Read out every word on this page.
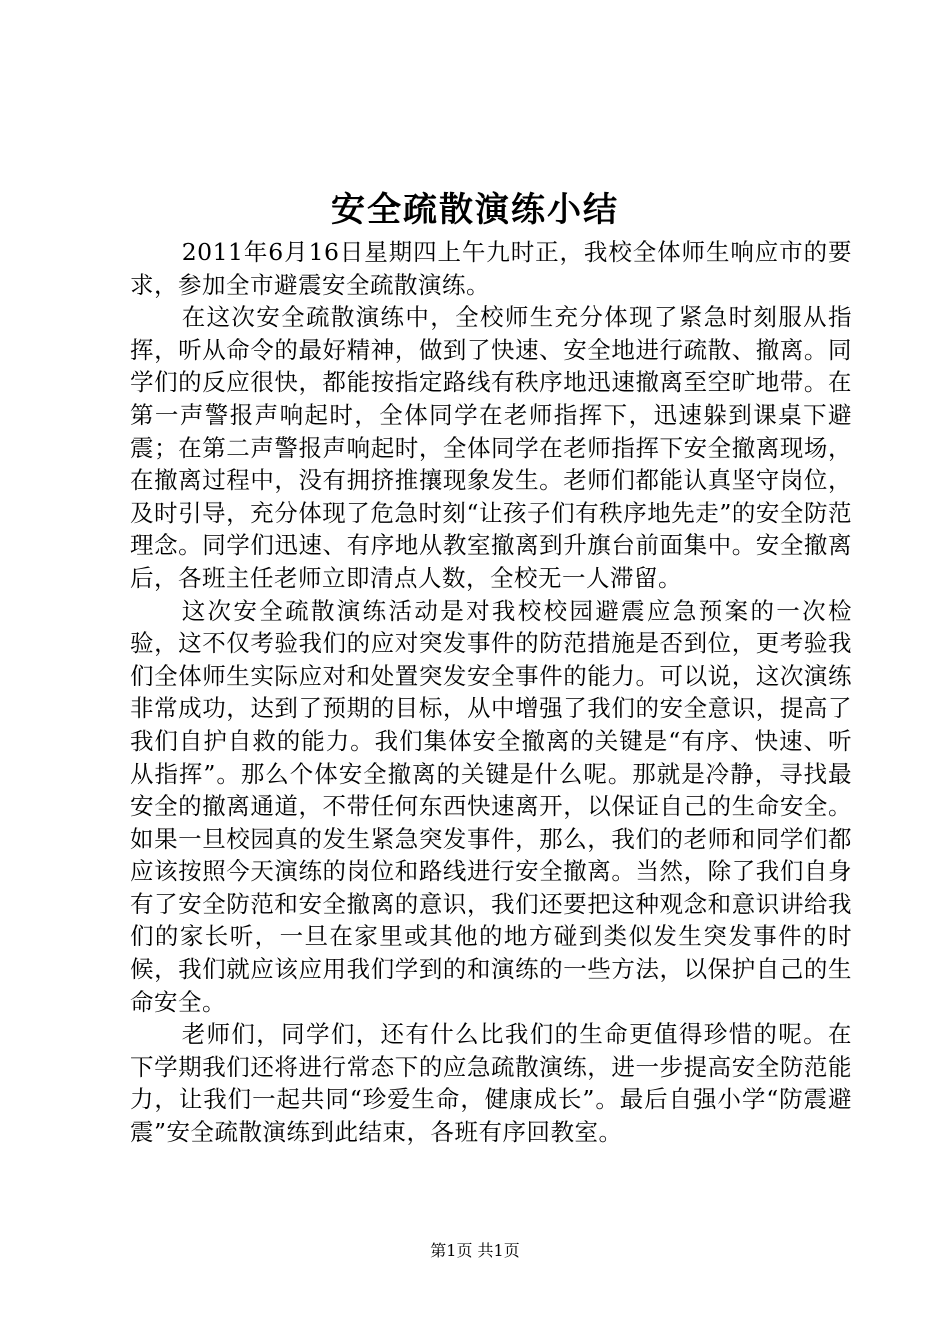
安全疏散演练小结

2011年6月16日星期四上午九时正，我校全体师生响应市的要求，参加全市避震安全疏散演练。

在这次安全疏散演练中，全校师生充分体现了紧急时刻服从指挥，听从命令的最好精神，做到了快速、安全地进行疏散、撤离。同学们的反应很快，都能按指定路线有秩序地迅速撤离至空旷地带。在第一声警报声响起时，全体同学在老师指挥下，迅速躲到课桌下避震；在第二声警报声响起时，全体同学在老师指挥下安全撤离现场，在撤离过程中，没有拥挤推攘现象发生。老师们都能认真坚守岗位，及时引导，充分体现了危急时刻“让孩子们有秩序地先走”的安全防范理念。同学们迅速、有序地从教室撤离到升旗台前面集中。安全撤离后，各班主任老师立即清点人数，全校无一人滞留。

这次安全疏散演练活动是对我校校园避震应急预案的一次检验，这不仅考验我们的应对突发事件的防范措施是否到位，更考验我们全体师生实际应对和处置突发安全事件的能力。可以说，这次演练非常成功，达到了预期的目标，从中增强了我们的安全意识，提高了我们自护自救的能力。我们集体安全撤离的关键是“有序、快速、听从指挥”。那么个体安全撤离的关键是什么呢。那就是冷静，寻找最安全的撤离通道，不带任何东西快速离开，以保证自己的生命安全。如果一旦校园真的发生紧急突发事件，那么，我们的老师和同学们都应该按照今天演练的岗位和路线进行安全撤离。当然，除了我们自身有了安全防范和安全撤离的意识，我们还要把这种观念和意识讲给我们的家长听，一旦在家里或其他的地方碰到类似发生突发事件的时候，我们就应该应用我们学到的和演练的一些方法，以保护自己的生命安全。

老师们，同学们，还有什么比我们的生命更值得珍惜的呢。在下学期我们还将进行常态下的应急疏散演练，进一步提高安全防范能力，让我们一起共同“珍爱生命，健康成长”。最后自强小学“防震避震”安全疏散演练到此结束，各班有序回教室。

第1页 共1页
